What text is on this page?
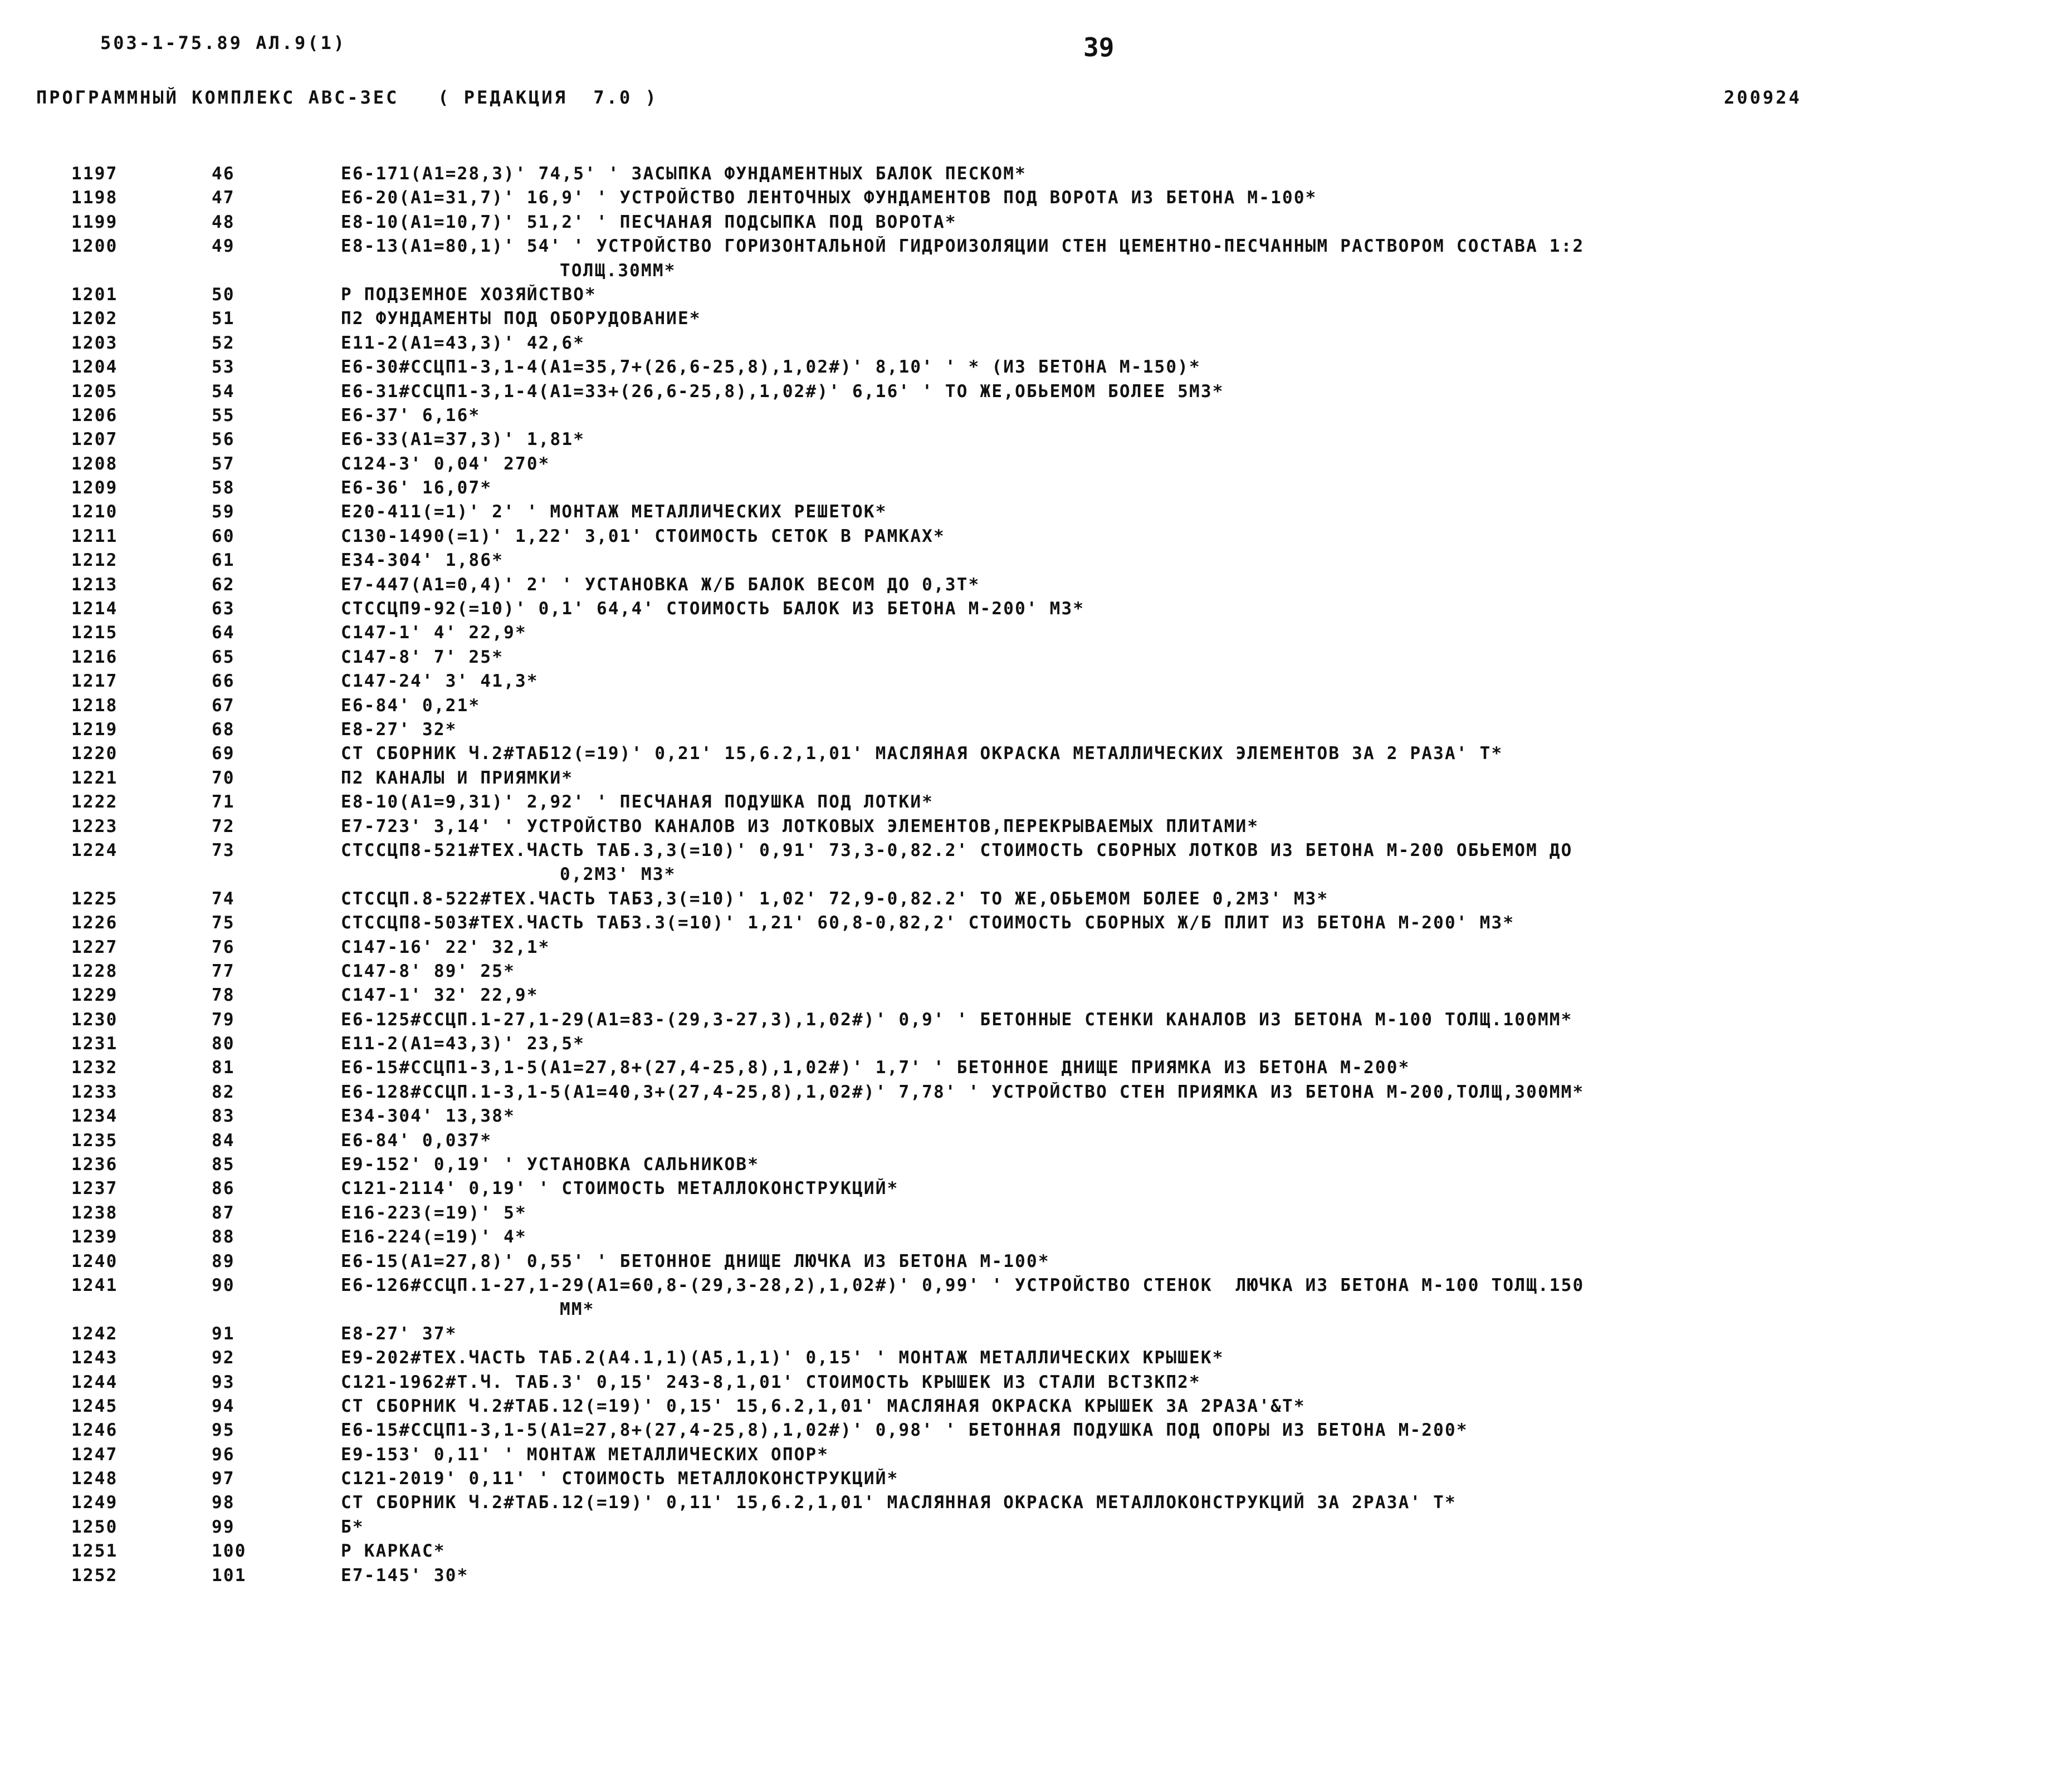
503-1-75.89 АЛ.9(1)	39
ПРОГРАММНЫЙ КОМПЛЕКС АВС-3ЕС   ( РЕДАКЦИЯ  7.0 )	200924
1197	46	Е6-171(А1=28,3)' 74,5' ' ЗАСЫПКА ФУНДАМЕНТНЫХ БАЛОК ПЕСКОМ*
1198	47	Е6-20(А1=31,7)' 16,9' ' УСТРОЙСТВО ЛЕНТОЧНЫХ ФУНДАМЕНТОВ ПОД ВОРОТА ИЗ БЕТОНА М-100*
1199	48	Е8-10(А1=10,7)' 51,2' ' ПЕСЧАНАЯ ПОДСЫПКА ПОД ВОРОТА*
1200	49	Е8-13(А1=80,1)' 54' ' УСТРОЙСТВО ГОРИЗОНТАЛЬНОЙ ГИДРОИЗОЛЯЦИИ СТЕН ЦЕМЕНТНО-ПЕСЧАННЫМ РАСТВОРОМ СОСТАВА 1:2
ТОЛЩ.30ММ*
1201	50	Р ПОДЗЕМНОЕ ХОЗЯЙСТВО*
1202	51	П2 ФУНДАМЕНТЫ ПОД ОБОРУДОВАНИЕ*
1203	52	Е11-2(А1=43,3)' 42,6*
1204	53	Е6-30#ССЦП1-3,1-4(А1=35,7+(26,6-25,8),1,02#)' 8,10' ' * (ИЗ БЕТОНА М-150)*
1205	54	Е6-31#ССЦП1-3,1-4(А1=33+(26,6-25,8),1,02#)' 6,16' ' ТО ЖЕ,ОБЬЕМОМ БОЛЕЕ 5М3*
1206	55	Е6-37' 6,16*
1207	56	Е6-33(А1=37,3)' 1,81*
1208	57	С124-3' 0,04' 270*
1209	58	Е6-36' 16,07*
1210	59	Е20-411(=1)' 2' ' МОНТАЖ МЕТАЛЛИЧЕСКИХ РЕШЕТОК*
1211	60	С130-1490(=1)' 1,22' 3,01' СТОИМОСТЬ СЕТОК В РАМКАХ*
1212	61	Е34-304' 1,86*
1213	62	Е7-447(А1=0,4)' 2' ' УСТАНОВКА Ж/Б БАЛОК ВЕСОМ ДО 0,3Т*
1214	63	СТССЦП9-92(=10)' 0,1' 64,4' СТОИМОСТЬ БАЛОК ИЗ БЕТОНА М-200' М3*
1215	64	С147-1' 4' 22,9*
1216	65	С147-8' 7' 25*
1217	66	С147-24' 3' 41,3*
1218	67	Е6-84' 0,21*
1219	68	Е8-27' 32*
1220	69	СТ СБОРНИК Ч.2#ТАБ12(=19)' 0,21' 15,6.2,1,01' МАСЛЯНАЯ ОКРАСКА МЕТАЛЛИЧЕСКИХ ЭЛЕМЕНТОВ ЗА 2 РАЗА' Т*
1221	70	П2 КАНАЛЫ И ПРИЯМКИ*
1222	71	Е8-10(А1=9,31)' 2,92' ' ПЕСЧАНАЯ ПОДУШКА ПОД ЛОТКИ*
1223	72	Е7-723' 3,14' ' УСТРОЙСТВО КАНАЛОВ ИЗ ЛОТКОВЫХ ЭЛЕМЕНТОВ,ПЕРЕКРЫВАЕМЫХ ПЛИТАМИ*
1224	73	СТССЦП8-521#ТЕХ.ЧАСТЬ ТАБ.3,3(=10)' 0,91' 73,3-0,82.2' СТОИМОСТЬ СБОРНЫХ ЛОТКОВ ИЗ БЕТОНА М-200 ОБЬЕМОМ ДО
0,2М3' М3*
1225	74	СТССЦП.8-522#ТЕХ.ЧАСТЬ ТАБ3,3(=10)' 1,02' 72,9-0,82.2' ТО ЖЕ,ОБЬЕМОМ БОЛЕЕ 0,2М3' М3*
1226	75	СТССЦП8-503#ТЕХ.ЧАСТЬ ТАБ3.3(=10)' 1,21' 60,8-0,82,2' СТОИМОСТЬ СБОРНЫХ Ж/Б ПЛИТ ИЗ БЕТОНА М-200' М3*
1227	76	С147-16' 22' 32,1*
1228	77	С147-8' 89' 25*
1229	78	С147-1' 32' 22,9*
1230	79	Е6-125#ССЦП.1-27,1-29(А1=83-(29,3-27,3),1,02#)' 0,9' ' БЕТОННЫЕ СТЕНКИ КАНАЛОВ ИЗ БЕТОНА М-100 ТОЛЩ.100ММ*
1231	80	Е11-2(А1=43,3)' 23,5*
1232	81	Е6-15#ССЦП1-3,1-5(А1=27,8+(27,4-25,8),1,02#)' 1,7' ' БЕТОННОЕ ДНИЩЕ ПРИЯМКА ИЗ БЕТОНА М-200*
1233	82	Е6-128#ССЦП.1-3,1-5(А1=40,3+(27,4-25,8),1,02#)' 7,78' ' УСТРОЙСТВО СТЕН ПРИЯМКА ИЗ БЕТОНА М-200,ТОЛЩ,300ММ*
1234	83	Е34-304' 13,38*
1235	84	Е6-84' 0,037*
1236	85	Е9-152' 0,19' ' УСТАНОВКА САЛЬНИКОВ*
1237	86	С121-2114' 0,19' ' СТОИМОСТЬ МЕТАЛЛОКОНСТРУКЦИЙ*
1238	87	Е16-223(=19)' 5*
1239	88	Е16-224(=19)' 4*
1240	89	Е6-15(А1=27,8)' 0,55' ' БЕТОННОЕ ДНИЩЕ ЛЮЧКА ИЗ БЕТОНА М-100*
1241	90	Е6-126#ССЦП.1-27,1-29(А1=60,8-(29,3-28,2),1,02#)' 0,99' ' УСТРОЙСТВО СТЕНОК  ЛЮЧКА ИЗ БЕТОНА М-100 ТОЛЩ.150
ММ*
1242	91	Е8-27' 37*
1243	92	Е9-202#ТЕХ.ЧАСТЬ ТАБ.2(А4.1,1)(А5,1,1)' 0,15' ' МОНТАЖ МЕТАЛЛИЧЕСКИХ КРЫШЕК*
1244	93	С121-1962#Т.Ч. ТАБ.3' 0,15' 243-8,1,01' СТОИМОСТЬ КРЫШЕК ИЗ СТАЛИ ВСТ3КП2*
1245	94	СТ СБОРНИК Ч.2#ТАБ.12(=19)' 0,15' 15,6.2,1,01' МАСЛЯНАЯ ОКРАСКА КРЫШЕК ЗА 2РАЗА'&Т*
1246	95	Е6-15#ССЦП1-3,1-5(А1=27,8+(27,4-25,8),1,02#)' 0,98' ' БЕТОННАЯ ПОДУШКА ПОД ОПОРЫ ИЗ БЕТОНА М-200*
1247	96	Е9-153' 0,11' ' МОНТАЖ МЕТАЛЛИЧЕСКИХ ОПОР*
1248	97	С121-2019' 0,11' ' СТОИМОСТЬ МЕТАЛЛОКОНСТРУКЦИЙ*
1249	98	СТ СБОРНИК Ч.2#ТАБ.12(=19)' 0,11' 15,6.2,1,01' МАСЛЯННАЯ ОКРАСКА МЕТАЛЛОКОНСТРУКЦИЙ ЗА 2РАЗА' Т*
1250	99	Б*
1251	100	Р КАРКАС*
1252	101	Е7-145' 30*
